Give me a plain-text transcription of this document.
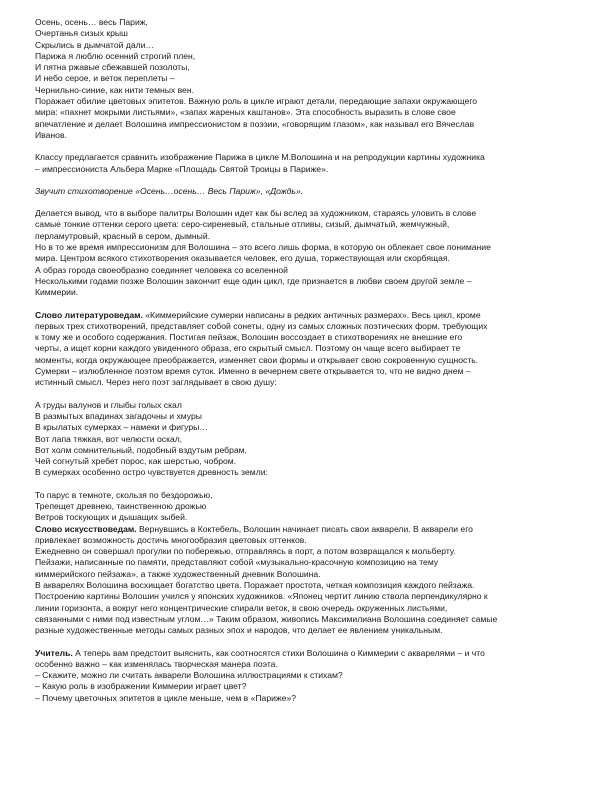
Осень, осень… весь Париж,

Очертанья сизых крыш

Скрылись в дымчатой дали…

Парижа я люблю осенний строгий плен,

И пятна ржавые сбежавшей позолоты,

И небо серое, и веток переплеты –

Чернильно-синие, как нити темных вен.

Поражает обилие цветовых эпитетов. Важную роль в цикле играют детали, передающие запахи окружающего

мира: «пахнет мокрыми листьями», «запах жареных каштанов». Эта способность выразить в слове свое

впечатление и делает Волошина импрессионистом в поэзии, «говорящим глазом», как называл его Вячеслав

Иванов.

Классу предлагается сравнить изображение Парижа в цикле М.Волошина и на репродукции картины художника

– импрессиониста Альбера Марке «Площадь Святой Троицы в Париже».

Звучит стихотворение «Осень…осень… Весь Париж», «Дождь».

Делается вывод, что в выборе палитры Волошин идет как бы вслед за художником, стараясь уловить в слове

самые тонкие оттенки серого цвета: серо-сиреневый, стальные отливы, сизый, дымчатый, жемчужный,

перламутровый, красный в сером, дымный.

Но в то же время импрессионизм для Волошина – это всего лишь форма, в которую он облекает свое понимание

мира. Центром всякого стихотворения оказывается человек, его душа, торжествующая или скорбящая.

А образ города своеобразно соединяет человека со вселенной

Несколькими годами позже Волошин закончит еще один цикл, где признается в любви своем другой земле –

Киммерии.

Слово литературоведам. «Киммерийские сумерки написаны в редких античных размерах». Весь цикл, кроме

первых трех стихотворений, представляет собой сонеты, одну из самых сложных поэтических форм, требующих

к тому же и особого содержания. Постигая пейзаж, Волошин воссоздает в стихотворениях не внешние его

черты, а ищет корни каждого увиденного образа, его скрытый смысл. Поэтому он чаще всего выбирает те

моменты, когда окружающее преображается, изменяет свои формы и открывает свою сокровенную сущность.

Сумерки – излюбленное поэтом время суток. Именно в вечернем свете открывается то, что не видно днем –

истинный смысл. Через него поэт заглядывает в свою душу:

А груды валунов и глыбы голых скал

В размытых впадинах загадочны и хмуры

В крылатых сумерках – намеки и фигуры…

Вот лапа тяжкая, вот челюсти оскал,

Вот холм сомнительный, подобный вздутым ребрам,

Чей согнутый хребет порос, как шерстью, чобром.

В сумерках особенно остро чувствуется древность земли:

То парус в темноте, скользя по бездорожью,

Трепещет древнею, таинственною дрожью

Ветров тоскующих и дышащих зыбей.

Слово искусствоведам. Вернувшись в Коктебель, Волошин начинает писать свои акварели. В акварели его

привлекает возможность достичь многообразия цветовых оттенков.

Ежедневно он совершал прогулки по побережью, отправляясь в порт, а потом возвращался к мольберту.

Пейзажи, написанные по памяти, представляют собой «музыкально-красочную композицию на тему

киммерийского пейзажа», а также художественный дневник Волошина.

В акварелях Волошина восхищает богатство цвета. Поражает простота, четкая композиция каждого пейзажа.

Построению картины Волошин учился у японских художников. «Японец чертит линию ствола перпендикулярно к

линии горизонта, а вокруг него концентрические спирали веток, в свою очередь окруженных листьями,

связанными с ними под известным углом…» Таким образом, живопись Максимилиана Волошина соединяет самые

разные художественные методы самых разных эпох и народов, что делает ее явлением уникальным.

Учитель. А теперь вам предстоит выяснить, как соотносятся стихи Волошина о Киммерии с акварелями – и что

особенно важно – как изменялась творческая манера поэта.

– Скажите, можно ли считать акварели Волошина иллюстрациями к стихам?

– Какую роль в изображении Киммерии играет цвет?

– Почему цветочных эпитетов в цикле меньше, чем в «Париже»?
